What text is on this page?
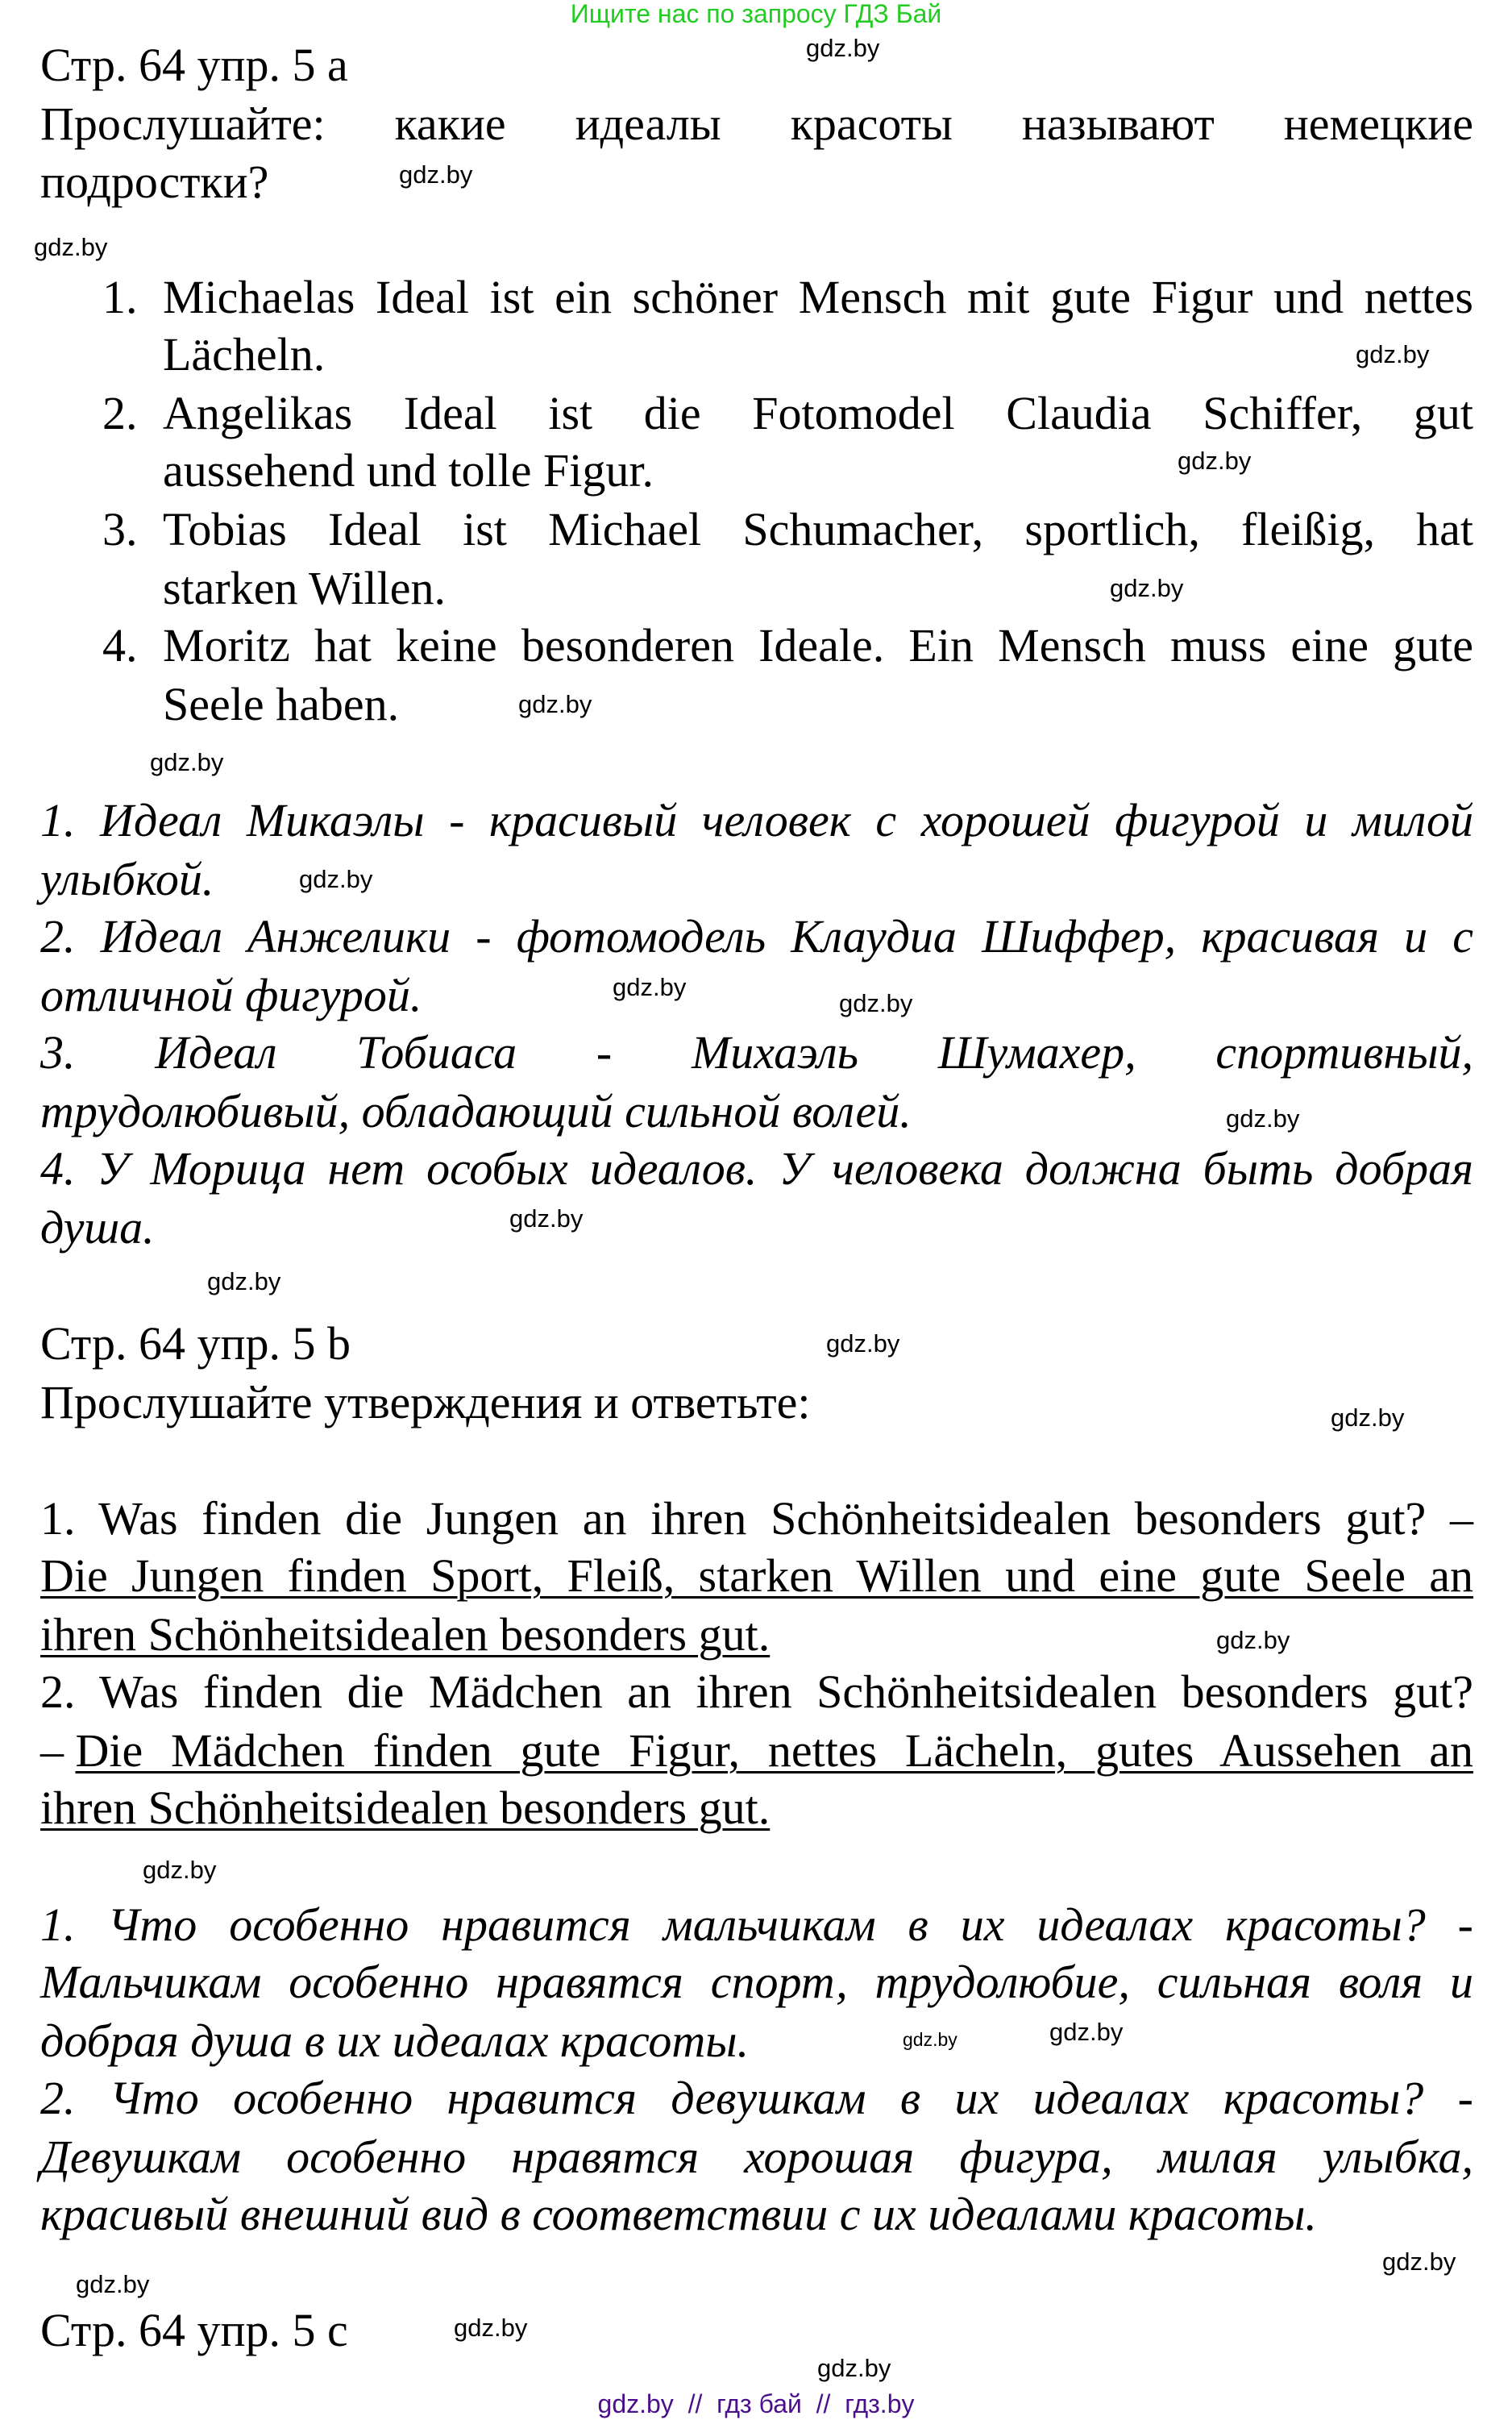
Ищите нас по запросу ГДЗ Бай
Стр. 64 упр. 5 a
Прослушайте: какие идеалы красоты называют немецкие
подростки?
1. Michaelas Ideal ist ein schöner Mensch mit gute Figur und nettes
Lächeln.
2. Angelikas Ideal ist die Fotomodel Claudia Schiffer, gut
aussehend und tolle Figur.
3. Tobias Ideal ist Michael Schumacher, sportlich, fleißig, hat
starken Willen.
4. Moritz hat keine besonderen Ideale. Ein Mensch muss eine gute
Seele haben.
1. Идеал Микаэлы - красивый человек с хорошей фигурой и милой
улыбкой.
2. Идеал Анжелики - фотомодель Клаудиа Шиффер, красивая и с
отличной фигурой.
3. Идеал Тобиаса - Михаэль Шумахер, спортивный,
трудолюбивый, обладающий сильной волей.
4. У Морица нет особых идеалов. У человека должна быть добрая
душа.
Стр. 64 упр. 5 b
Прослушайте утверждения и ответьте:
1. Was finden die Jungen an ihren Schönheitsidealen besonders gut? –
Die Jungen finden Sport, Fleiß, starken Willen und eine gute Seele an
ihren Schönheitsidealen besonders gut.
2. Was finden die Mädchen an ihren Schönheitsidealen besonders gut?
– Die Mädchen finden gute Figur, nettes Lächeln, gutes Aussehen an
ihren Schönheitsidealen besonders gut.
1. Что особенно нравится мальчикам в их идеалах красоты? -
Мальчикам особенно нравятся спорт, трудолюбие, сильная воля и
добрая душа в их идеалах красоты.
2. Что особенно нравится девушкам в их идеалах красоты? -
Девушкам особенно нравятся хорошая фигура, милая улыбка,
красивый внешний вид в соответствии с их идеалами красоты.
Стр. 64 упр. 5 c
gdz.by
gdz.by
gdz.by
gdz.by
gdz.by
gdz.by
gdz.by
gdz.by
gdz.by
gdz.by
gdz.by
gdz.by
gdz.by
gdz.by
gdz.by
gdz.by
gdz.by
gdz.by
gdz.by	gdz.by
gdz.by
gdz.by
gdz.by
gdz.by
gdz.by  //  гдз бай  //  гдз.by
